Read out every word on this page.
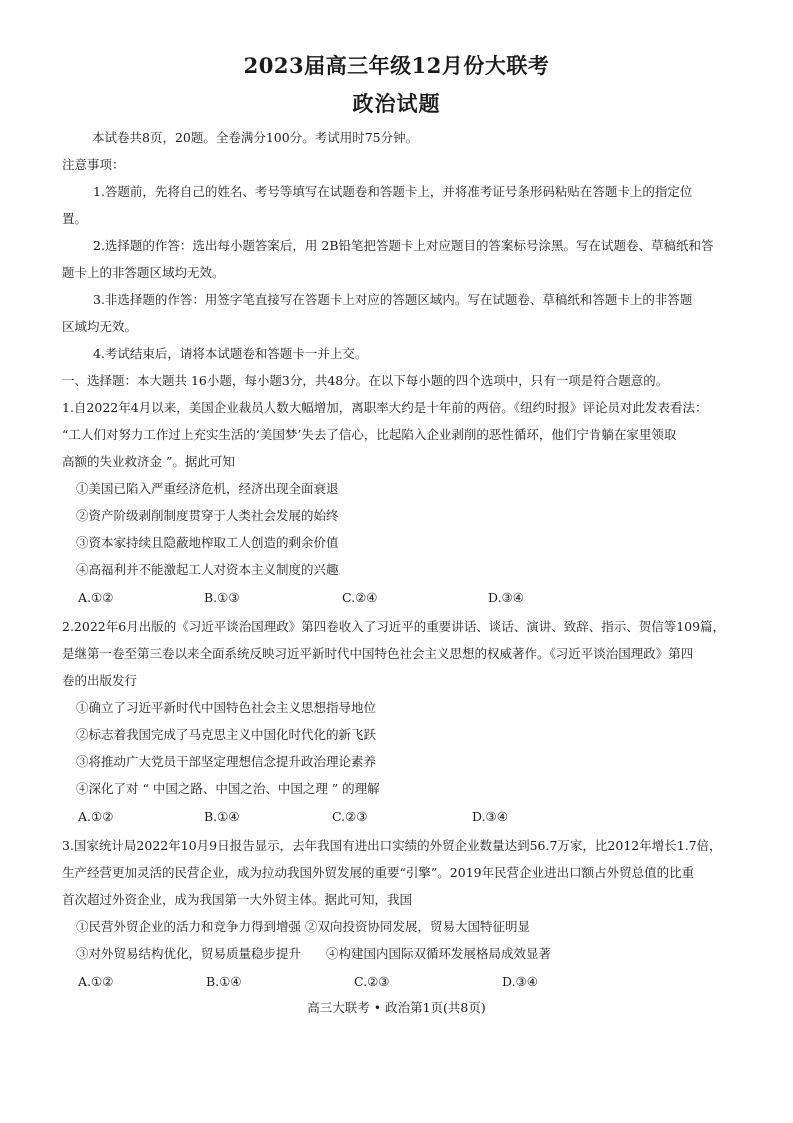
2023届高三年级12月份大联考
政治试题
本试卷共8页，20题。全卷满分100分。考试用时75分钟。
注意事项：
1.答题前，先将自己的姓名、考号等填写在试题卷和答题卡上，并将准考证号条形码粘贴在答题卡上的指定位
置。
2.选择题的作答：选出每小题答案后，用 2B铅笔把答题卡上对应题目的答案标号涂黑。写在试题卷、草稿纸和答
题卡上的非答题区域均无效。
3.非选择题的作答：用签字笔直接写在答题卡上对应的答题区域内。写在试题卷、草稿纸和答题卡上的非答题
区域均无效。
4.考试结束后，请将本试题卷和答题卡一并上交。
一、选择题：本大题共 16小题，每小题3分，共48分。在以下每小题的四个选项中，只有一项是符合题意的。
1.自2022年4月以来，美国企业裁员人数大幅增加，离职率大约是十年前的两倍。《纽约时报》评论员对此发表看法：
“工人们对努力工作过上充实生活的‘美国梦’失去了信心，比起陷入企业剥削的恶性循环，他们宁肯躺在家里领取
高额的失业救济金 ”。据此可知
①美国已陷入严重经济危机，经济出现全面衰退
②资产阶级剥削制度贯穿于人类社会发展的始终
③资本家持续且隐蔽地榨取工人创造的剩余价值
④高福利并不能激起工人对资本主义制度的兴趣
A.①②	B.①③	C.②④	D.③④
2.2022年6月出版的《习近平谈治国理政》第四卷收入了习近平的重要讲话、谈话、演讲、致辞、指示、贺信等109篇，
是继第一卷至第三卷以来全面系统反映习近平新时代中国特色社会主义思想的权威著作。《习近平谈治国理政》第四
卷的出版发行
①确立了习近平新时代中国特色社会主义思想指导地位
②标志着我国完成了马克思主义中国化时代化的新飞跃
③将推动广大党员干部坚定理想信念提升政治理论素养
④深化了对 “ 中国之路、中国之治、中国之理 ” 的理解
A.①②	B.①④	C.②③	D.③④
3.国家统计局2022年10月9日报告显示，去年我国有进出口实绩的外贸企业数量达到56.7万家，比2012年增长1.7倍，
生产经营更加灵活的民营企业，成为拉动我国外贸发展的重要“引擎”。2019年民营企业进出口额占外贸总值的比重
首次超过外资企业，成为我国第一大外贸主体。据此可知，我国
①民营外贸企业的活力和竞争力得到增强 ②双向投资协同发展，贸易大国特征明显
③对外贸易结构优化，贸易质量稳步提升　　④构建国内国际双循环发展格局成效显著
A.①②	B.①④	C.②③	D.③④
高三大联考 • 政治第1页(共8页)
